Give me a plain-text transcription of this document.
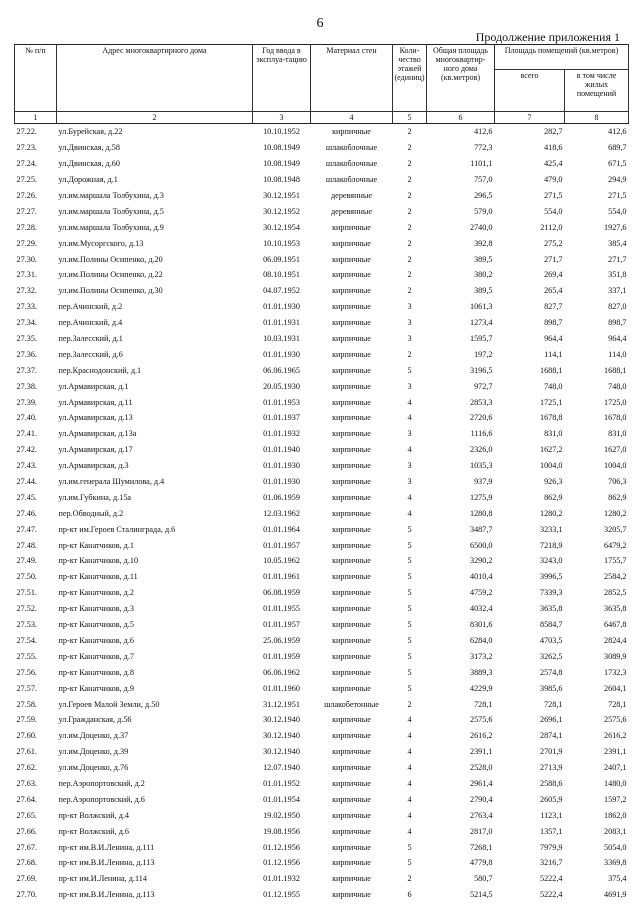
6
Продолжение приложения 1
№ п/п	Адрес многоквартирного дома	Год ввода в эксплуа-тацию	Материал стен	Коли-чество этажей (единиц)	Общая площадь многоквартир-ного дома (кв.метров)	Площадь помещений (кв.метров)	
						всего	в том числе жилых помещений
1	2	3	4	5	6	7	8
27.22.	ул.Бурейская, д.22	10.10.1952	кирпичные	2	412,6	282,7	412,6
27.23.	ул.Двинская, д.58	10.08.1949	шлакоблочные	2	772,3	418,6	689,7
27.24.	ул.Двинская, д.60	10.08.1949	шлакоблочные	2	1101,1	425,4	671,5
27.25.	ул.Дорожная, д.1	10.08.1948	шлакоблочные	2	757,0	479,0	294,9
27.26.	ул.им.маршала Толбухина, д.3	30.12.1951	деревянные	2	296,5	271,5	271,5
27.27.	ул.им.маршала Толбухина, д.5	30.12.1952	деревянные	2	579,0	554,0	554,0
27.28.	ул.им.маршала Толбухина, д.9	30.12.1954	кирпичные	2	2740,0	2112,0	1927,6
27.29.	ул.им.Мусоргского, д.13	10.10.1953	кирпичные	2	392,8	275,2	385,4
27.30.	ул.им.Полины Осипенко, д.20	06.09.1951	кирпичные	2	389,5	271,7	271,7
27.31.	ул.им.Полины Осипенко, д.22	08.10.1951	кирпичные	2	380,2	269,4	351,8
27.32.	ул.им.Полины Осипенко, д.30	04.07.1952	кирпичные	2	389,5	265,4	337,1
27.33.	пер.Ачинский, д.2	01.01.1930	кирпичные	3	1061,3	827,7	827,0
27.34.	пер.Ачинский, д.4	01.01.1931	кирпичные	3	1273,4	898,7	898,7
27.35.	пер.Залесский, д.1	10.03.1931	кирпичные	3	1595,7	964,4	964,4
27.36.	пер.Залесский, д.6	01.01.1930	кирпичные	2	197,2	114,1	114,0
27.37.	пер.Краснодонский, д.1	06.06.1965	кирпичные	5	3196,5	1688,1	1688,1
27.38.	ул.Армавирская, д.1	20.05.1930	кирпичные	3	972,7	748,0	748,0
27.39.	ул.Армавирская, д.11	01.01.1953	кирпичные	4	2853,3	1725,1	1725,0
27.40.	ул.Армавирская, д.13	01.01.1937	кирпичные	4	2720,6	1678,8	1678,0
27.41.	ул.Армавирская, д.13а	01.01.1932	кирпичные	3	1116,6	831,0	831,0
27.42.	ул.Армавирская, д.17	01.01.1940	кирпичные	4	2326,0	1627,2	1627,0
27.43.	ул.Армавирская, д.3	01.01.1930	кирпичные	3	1035,3	1004,0	1004,0
27.44.	ул.им.генерала Шумилова, д.4	01.01.1930	кирпичные	3	937,9	926,3	706,3
27.45.	ул.им.Губкина, д.15а	01.06.1959	кирпичные	4	1275,9	862,9	862,9
27.46.	пер.Обводный, д.2	12.03.1962	кирпичные	4	1280,8	1280,2	1280,2
27.47.	пр-кт им.Героев Сталинграда, д.6	01.01.1964	кирпичные	5	3487,7	3233,1	3205,7
27.48.	пр-кт Канатчиков, д.1	01.01.1957	кирпичные	5	6500,0	7218,9	6479,2
27.49.	пр-кт Канатчиков, д.10	10.05.1962	кирпичные	5	3290,2	3243,0	1755,7
27.50.	пр-кт Канатчиков, д.11	01.01.1961	кирпичные	5	4010,4	3996,5	2584,2
27.51.	пр-кт Канатчиков, д.2	06.08.1959	кирпичные	5	4759,2	7339,3	2852,5
27.52.	пр-кт Канатчиков, д.3	01.01.1955	кирпичные	5	4032,4	3635,8	3635,8
27.53.	пр-кт Канатчиков, д.5	01.01.1957	кирпичные	5	8301,6	8584,7	6467,8
27.54.	пр-кт Канатчиков, д.6	25.06.1959	кирпичные	5	6284,0	4703,5	2824,4
27.55.	пр-кт Канатчиков, д.7	01.01.1959	кирпичные	5	3173,2	3262,5	3089,9
27.56.	пр-кт Канатчиков, д.8	06.06.1962	кирпичные	5	3889,3	2574,8	1732,3
27.57.	пр-кт Канатчиков, д.9	01.01.1960	кирпичные	5	4229,9	3985,6	2604,1
27.58.	ул.Героев Малой Земли, д.50	31.12.1951	шлакобетонные	2	728,1	728,1	728,1
27.59.	ул.Гражданская, д.56	30.12.1940	кирпичные	4	2575,6	2696,1	2575,6
27.60.	ул.им.Доценко, д.37	30.12.1940	кирпичные	4	2616,2	2874,1	2616,2
27.61.	ул.им.Доценко, д.39	30.12.1940	кирпичные	4	2391,1	2701,9	2391,1
27.62.	ул.им.Доценко, д.76	12.07.1940	кирпичные	4	2528,0	2713,9	2407,1
27.63.	пер.Аэропортовский, д.2	01.01.1952	кирпичные	4	2961,4	2588,6	1480,0
27.64.	пер.Аэропортовский, д.6	01.01.1954	кирпичные	4	2790,4	2605,9	1597,2
27.65.	пр-кт Волжский, д.4	19.02.1950	кирпичные	4	2763,4	1123,1	1862,0
27.66.	пр-кт Волжский, д.6	19.08.1956	кирпичные	4	2817,0	1357,1	2083,1
27.67.	пр-кт им.В.И.Ленина, д.111	01.12.1956	кирпичные	5	7268,1	7979,9	5054,0
27.68.	пр-кт им.В.И.Ленина, д.113	01.12.1956	кирпичные	5	4779,8	3216,7	3369,8
27.69.	пр-кт им.И.Ленина, д.114	01.01.1932	кирпичные	2	580,7	5222,4	375,4
27.70.	пр-кт им.В.И.Ленина, д.113	01.12.1955	кирпичные	6	5214,5	5222,4	4691,9
